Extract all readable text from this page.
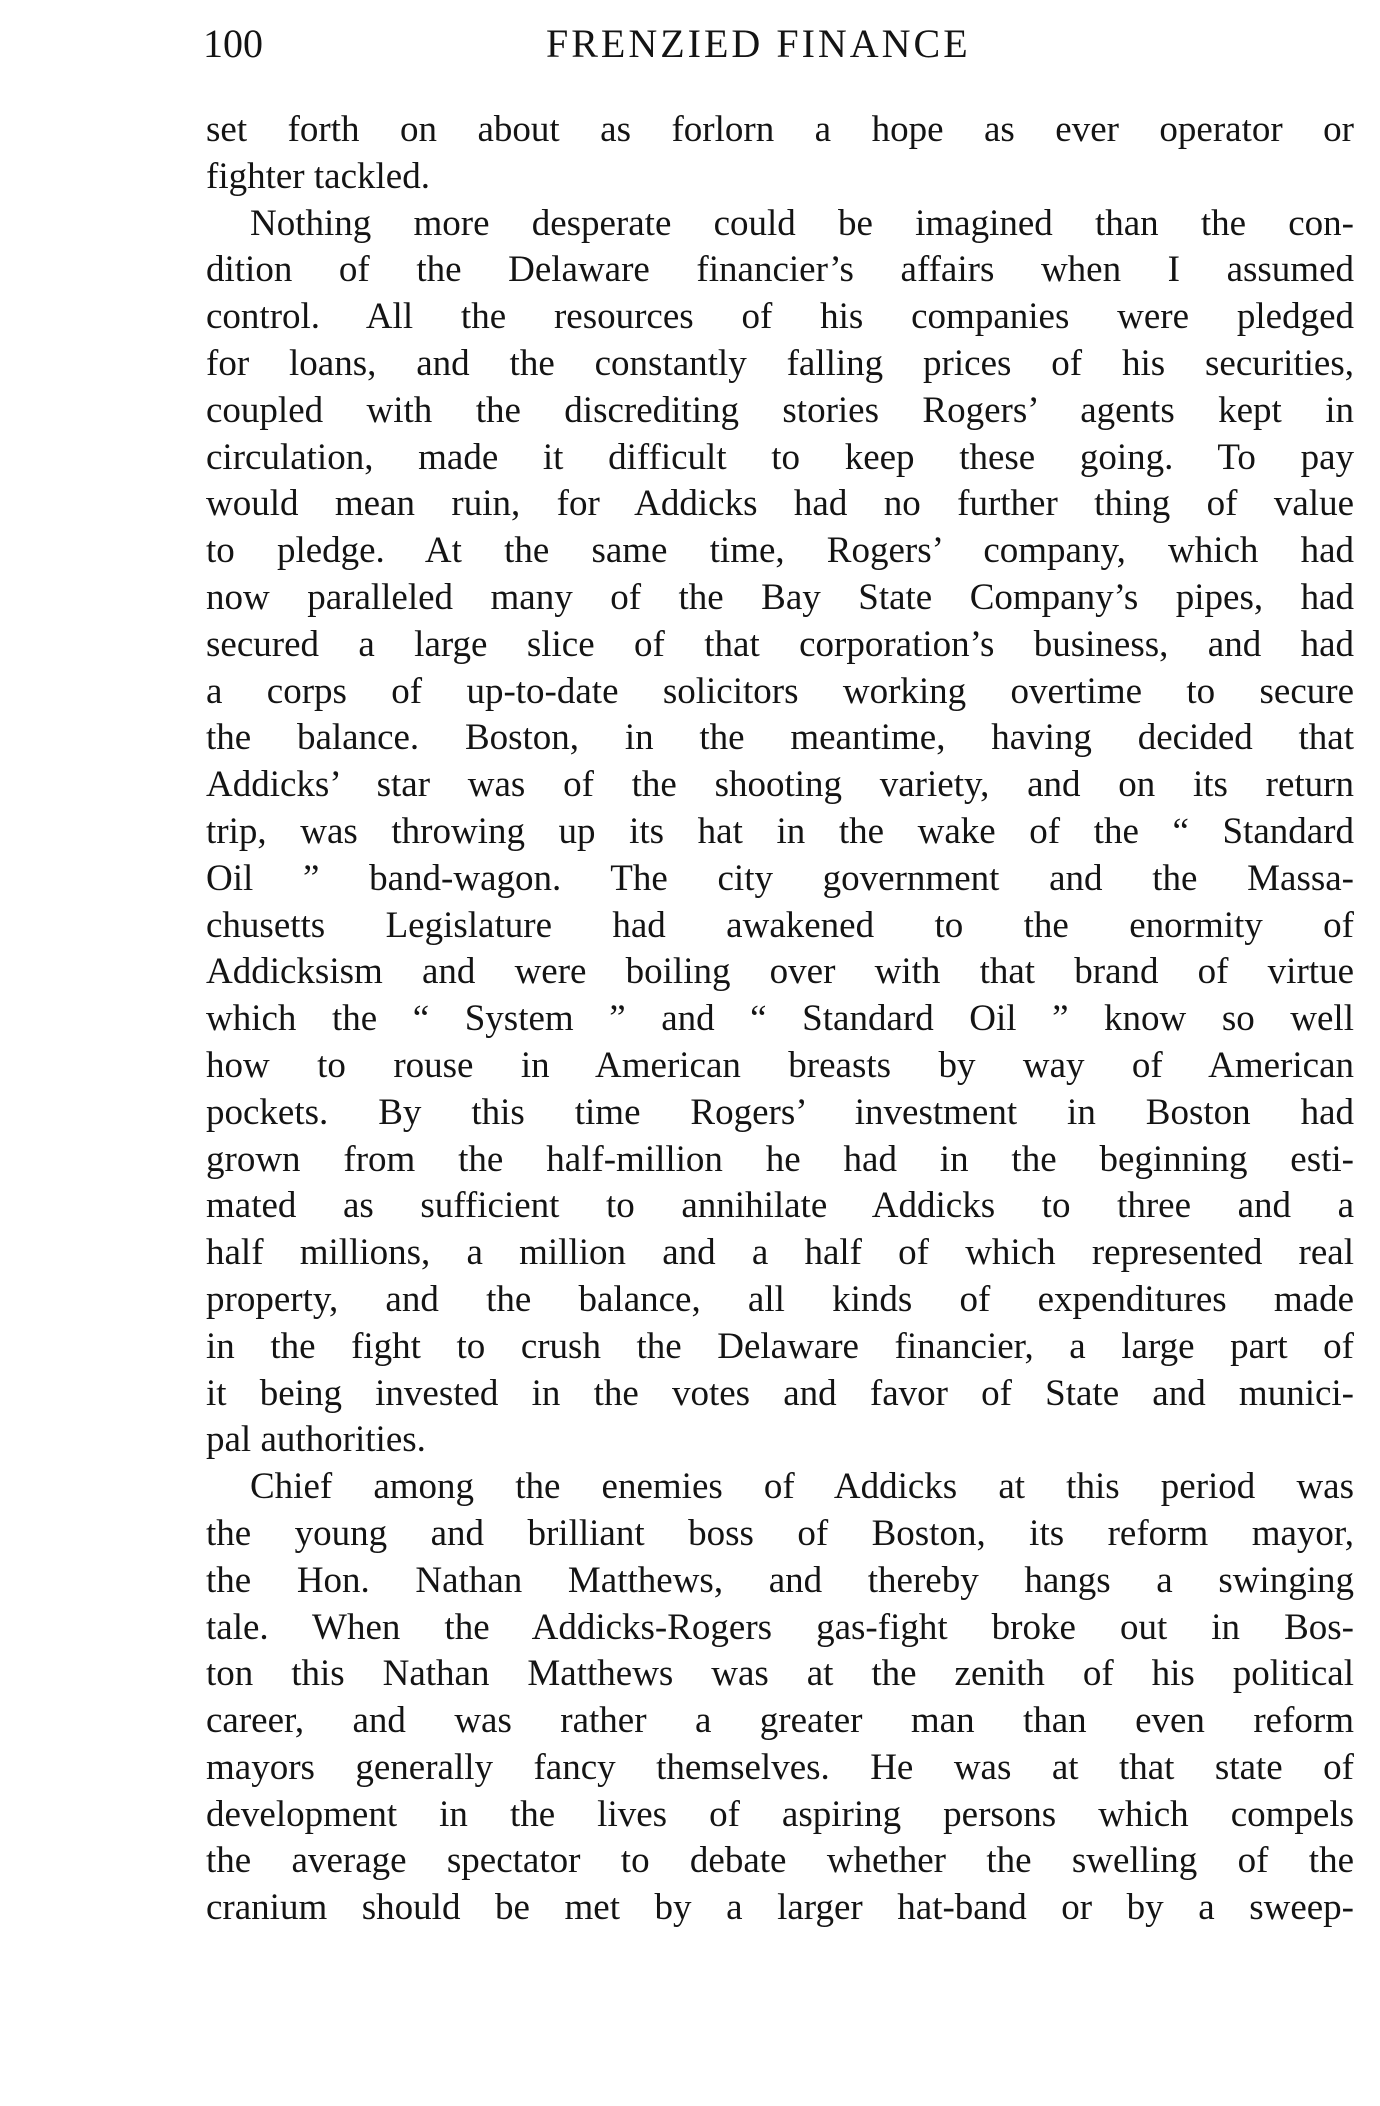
100	FRENZIED FINANCE
set forth on about as forlorn a hope as ever operator or
fighter tackled.
Nothing more desperate could be imagined than the con-
dition of the Delaware financier’s affairs when I assumed
control. All the resources of his companies were pledged
for loans, and the constantly falling prices of his securities,
coupled with the discrediting stories Rogers’ agents kept in
circulation, made it difficult to keep these going. To pay
would mean ruin, for Addicks had no further thing of value
to pledge. At the same time, Rogers’ company, which had
now paralleled many of the Bay State Company’s pipes, had
secured a large slice of that corporation’s business, and had
a corps of up-to-date solicitors working overtime to secure
the balance. Boston, in the meantime, having decided that
Addicks’ star was of the shooting variety, and on its return
trip, was throwing up its hat in the wake of the “ Standard
Oil ” band-wagon. The city government and the Massa-
chusetts Legislature had awakened to the enormity of
Addicksism and were boiling over with that brand of virtue
which the “ System ” and “ Standard Oil ” know so well
how to rouse in American breasts by way of American
pockets. By this time Rogers’ investment in Boston had
grown from the half-million he had in the beginning esti-
mated as sufficient to annihilate Addicks to three and a
half millions, a million and a half of which represented real
property, and the balance, all kinds of expenditures made
in the fight to crush the Delaware financier, a large part of
it being invested in the votes and favor of State and munici-
pal authorities.
Chief among the enemies of Addicks at this period was
the young and brilliant boss of Boston, its reform mayor,
the Hon. Nathan Matthews, and thereby hangs a swinging
tale. When the Addicks-Rogers gas-fight broke out in Bos-
ton this Nathan Matthews was at the zenith of his political
career, and was rather a greater man than even reform
mayors generally fancy themselves. He was at that state of
development in the lives of aspiring persons which compels
the average spectator to debate whether the swelling of the
cranium should be met by a larger hat-band or by a sweep-
